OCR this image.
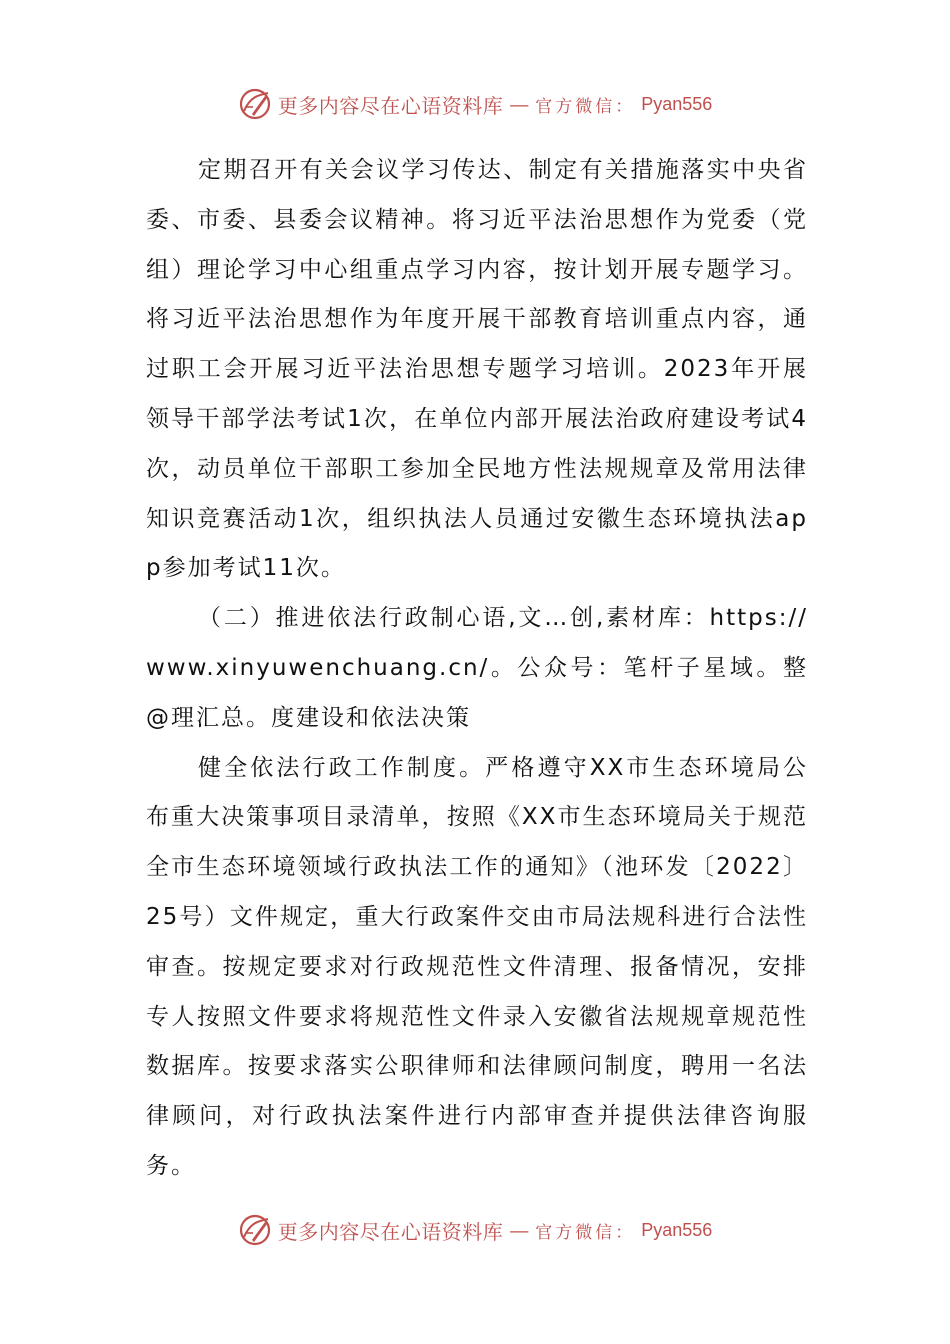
更多内容尽在心语资料库 — 官方微信： Pyan556

定期召开有关会议学习传达、制定有关措施落实中央省委、市委、县委会议精神。将习近平法治思想作为党委（党组）理论学习中心组重点学习内容，按计划开展专题学习。将习近平法治思想作为年度开展干部教育培训重点内容，通过职工会开展习近平法治思想专题学习培训。2023年开展领导干部学法考试1次，在单位内部开展法治政府建设考试4次，动员单位干部职工参加全民地方性法规规章及常用法律知识竞赛活动1次，组织执法人员通过安徽生态环境执法app参加考试11次。

（二）推进依法行政制心语,文…创,素材库：https://www.xinyuwenchuang.cn/。公众号：笔杆子星域。整@理汇总。度建设和依法决策

健全依法行政工作制度。严格遵守XX市生态环境局公布重大决策事项目录清单，按照《XX市生态环境局关于规范全市生态环境领域行政执法工作的通知》（池环发〔2022〕25号）文件规定，重大行政案件交由市局法规科进行合法性审查。按规定要求对行政规范性文件清理、报备情况，安排专人按照文件要求将规范性文件录入安徽省法规规章规范性数据库。按要求落实公职律师和法律顾问制度，聘用一名法律顾问，对行政执法案件进行内部审查并提供法律咨询服务。

更多内容尽在心语资料库 — 官方微信： Pyan556
